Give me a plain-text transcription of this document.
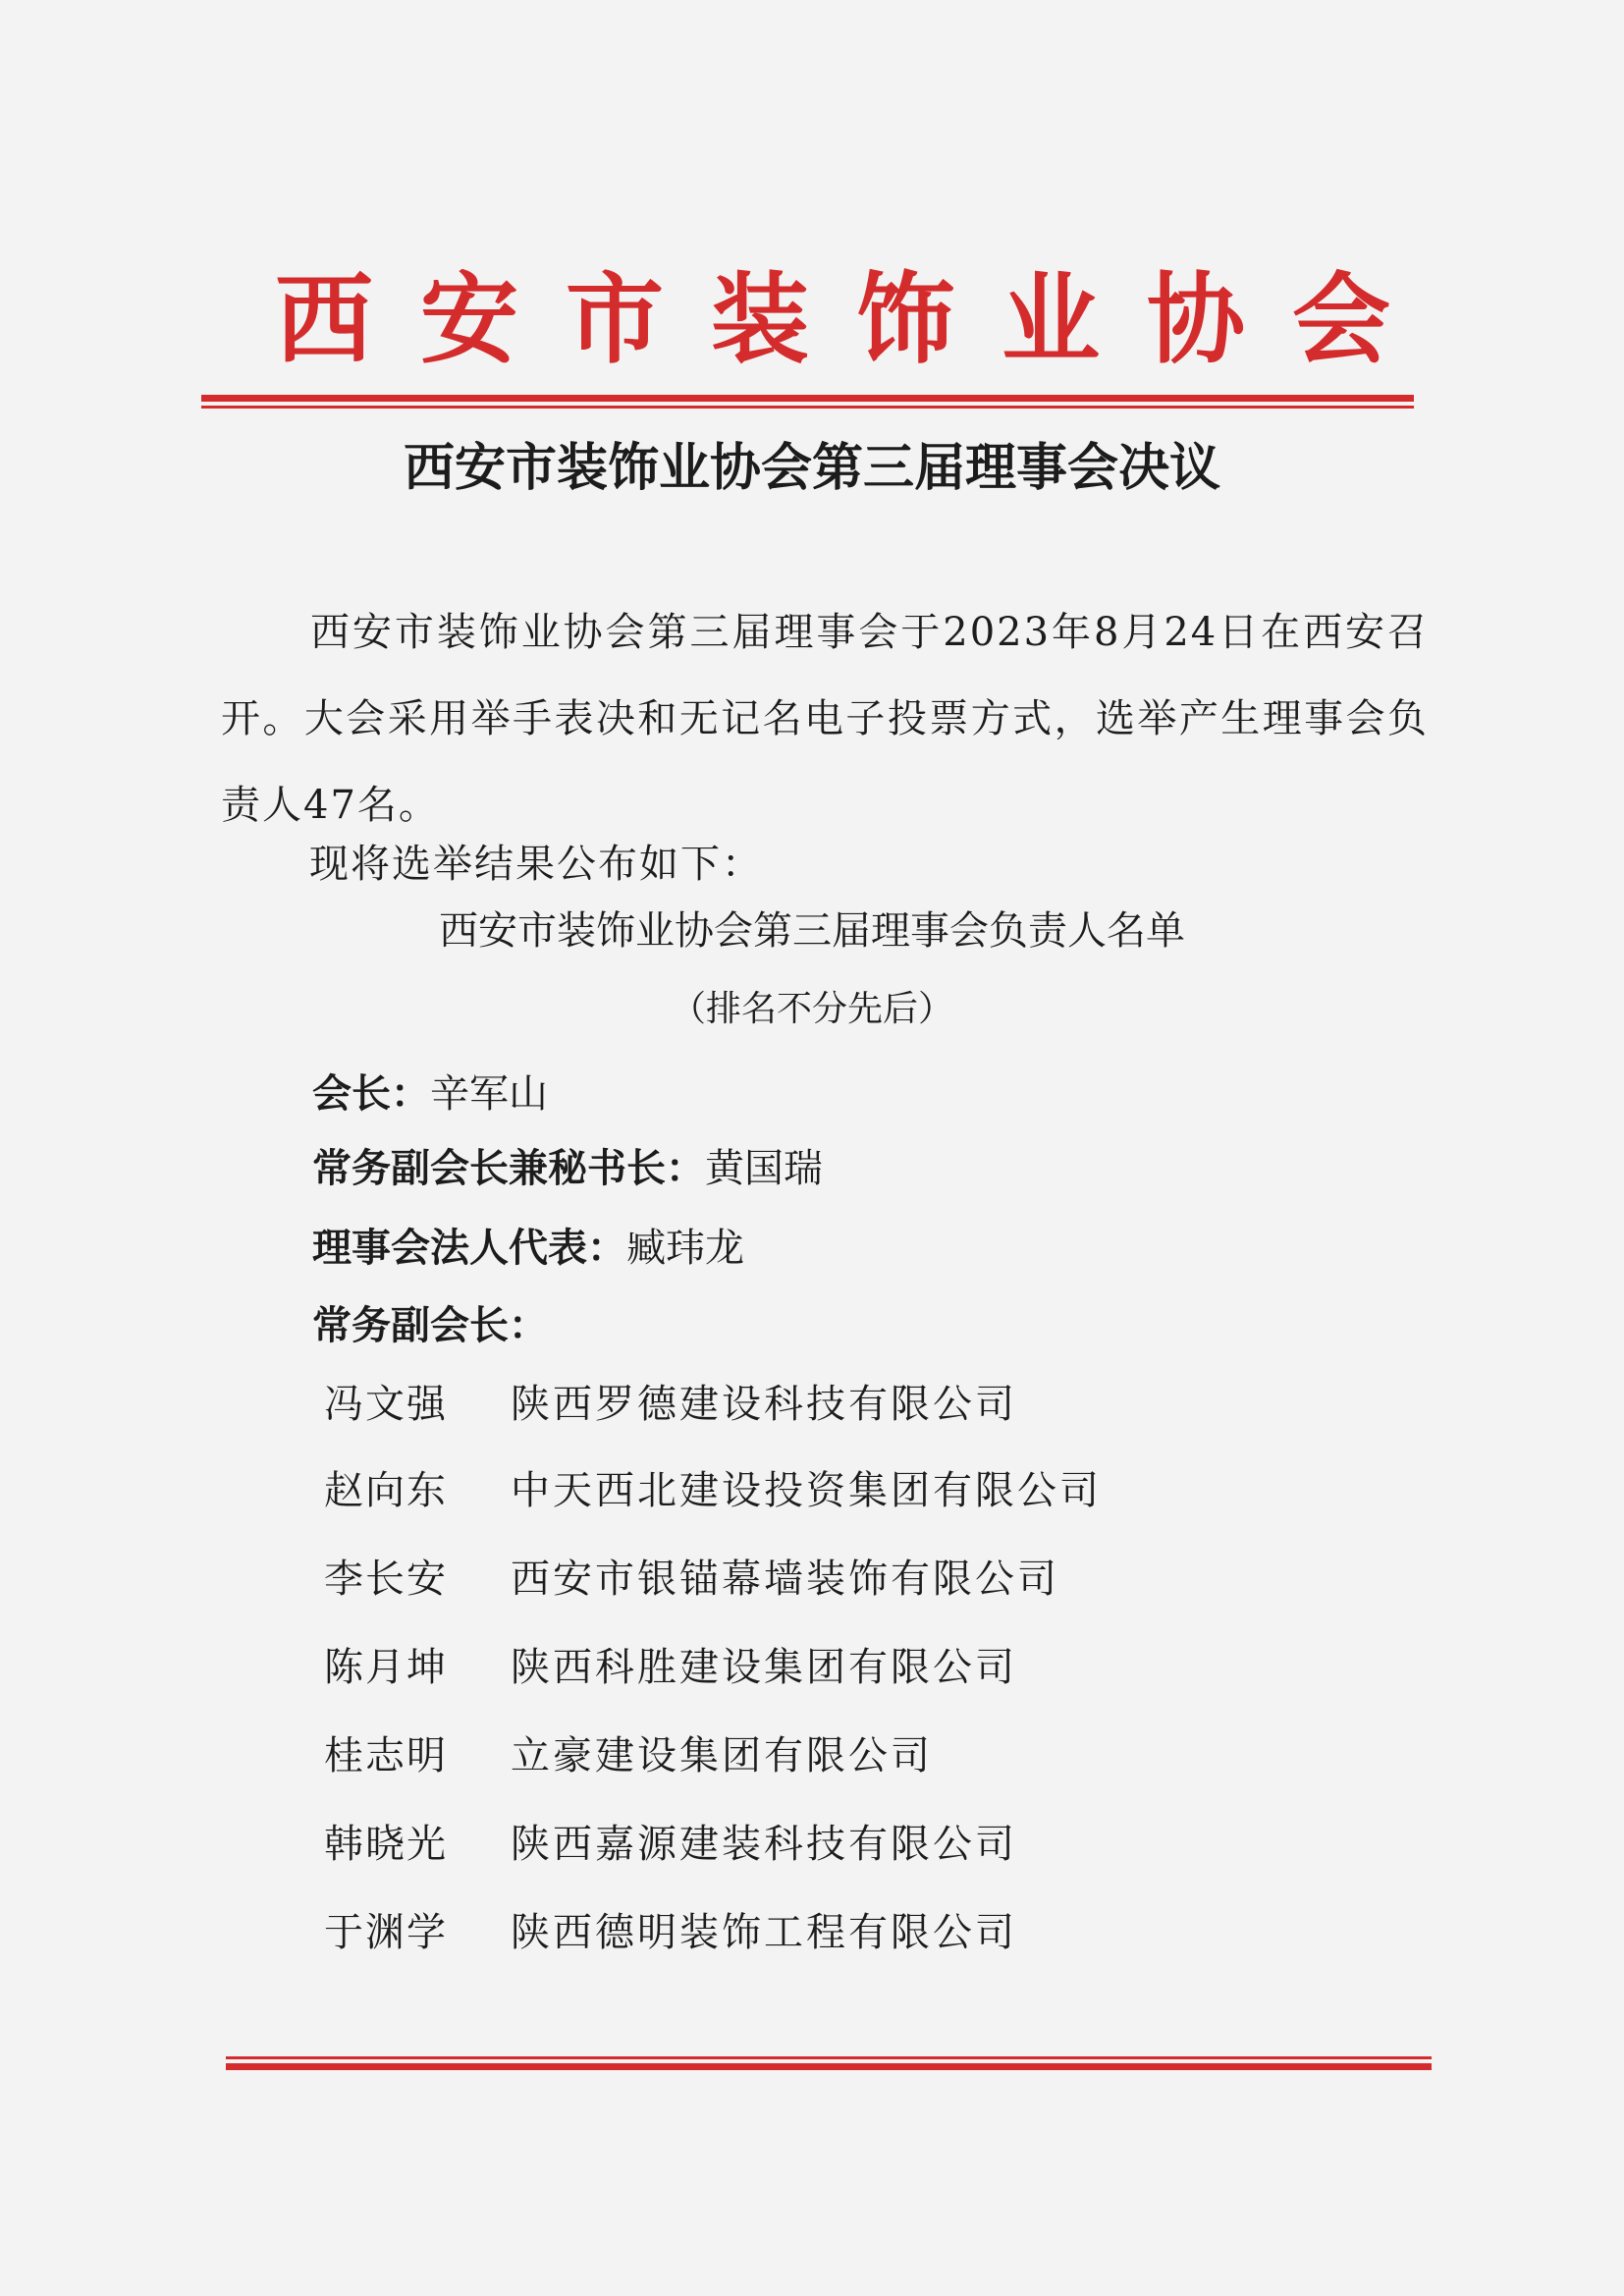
西安市装饰业协会
西安市装饰业协会第三届理事会决议
西安市装饰业协会第三届理事会于2023年8月24日在西安召开。大会采用举手表决和无记名电子投票方式，选举产生理事会负责人47名。
现将选举结果公布如下：
西安市装饰业协会第三届理事会负责人名单
（排名不分先后）
会长：辛军山
常务副会长兼秘书长：黄国瑞
理事会法人代表：臧玮龙
常务副会长：
冯文强 陕西罗德建设科技有限公司
赵向东 中天西北建设投资集团有限公司
李长安 西安市银锚幕墙装饰有限公司
陈月坤 陕西科胜建设集团有限公司
桂志明 立豪建设集团有限公司
韩晓光 陕西嘉源建装科技有限公司
于渊学 陕西德明装饰工程有限公司
